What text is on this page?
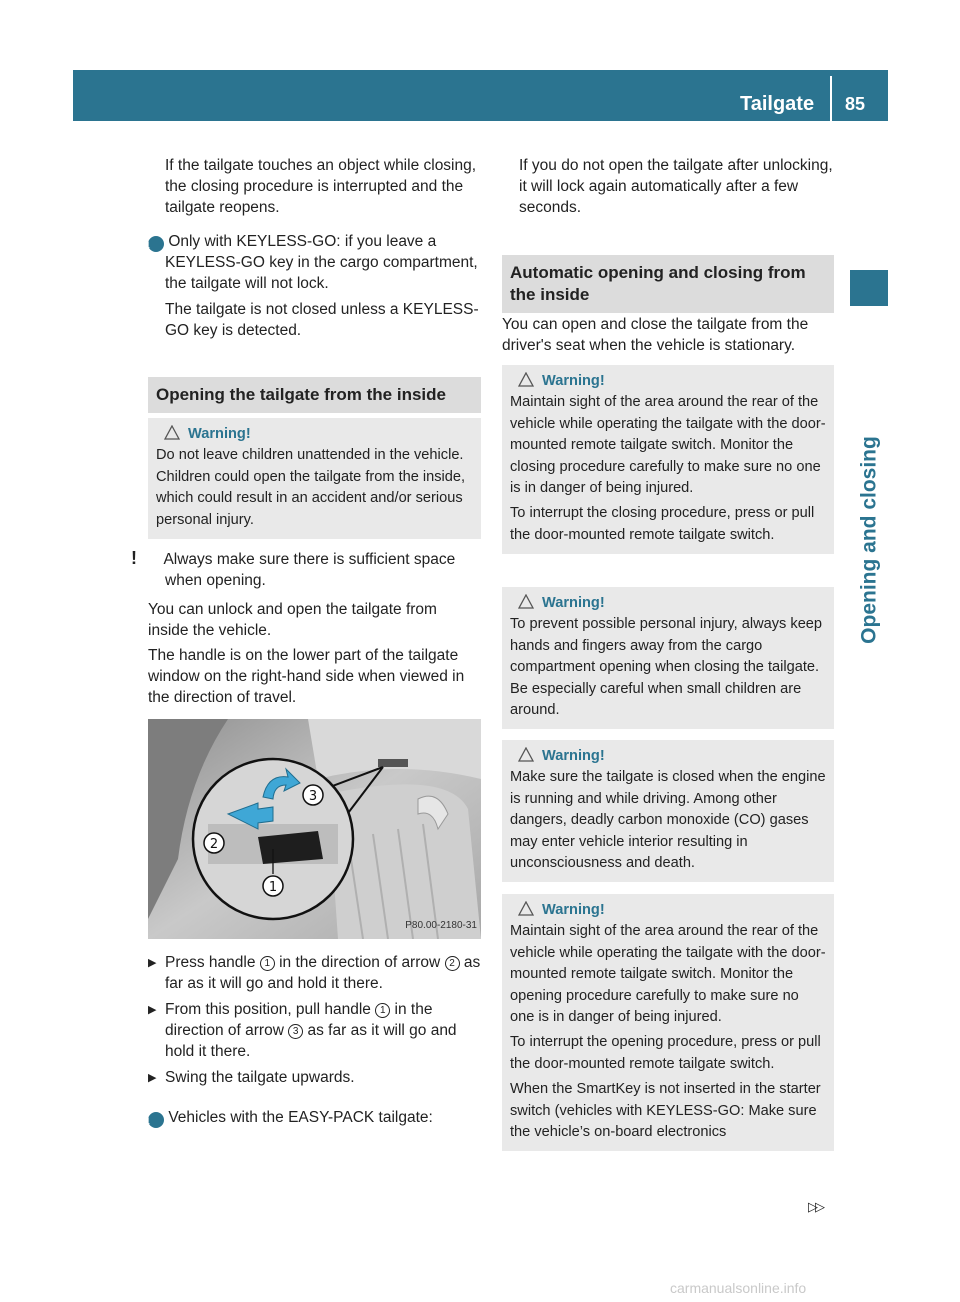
Tailgate 85
Opening and closing

If the tailgate touches an object while closing, the closing procedure is interrupted and the tailgate reopens.

i Only with KEYLESS-GO: if you leave a KEYLESS-GO key in the cargo compartment, the tailgate will not lock.

The tailgate is not closed unless a KEYLESS-GO key is detected.

Opening the tailgate from the inside
Warning!
Do not leave children unattended in the vehicle. Children could open the tailgate from the inside, which could result in an accident and/or serious personal injury.

! Always make sure there is sufficient space when opening.

You can unlock and open the tailgate from inside the vehicle.

The handle is on the lower part of the tailgate window on the right-hand side when viewed in the direction of travel.

▶ Press handle 1 in the direction of arrow 2 as far as it will go and hold it there.
▶ From this position, pull handle 1 in the direction of arrow 3 as far as it will go and hold it there.
▶ Swing the tailgate upwards.

i Vehicles with the EASY-PACK tailgate:

3
2
1
P80.00-2180-31

If you do not open the tailgate after unlocking, it will lock again automatically after a few seconds.

Automatic opening and closing from the inside

You can open and close the tailgate from the driver's seat when the vehicle is stationary.

Warning!
Maintain sight of the area around the rear of the vehicle while operating the tailgate with the door-mounted remote tailgate switch. Monitor the closing procedure carefully to make sure no one is in danger of being injured.
To interrupt the closing procedure, press or pull the door-mounted remote tailgate switch.
Warning!
To prevent possible personal injury, always keep hands and fingers away from the cargo compartment opening when closing the tailgate. Be especially careful when small children are around.
Warning!
Make sure the tailgate is closed when the engine is running and while driving. Among other dangers, deadly carbon monoxide (CO) gases may enter vehicle interior resulting in unconsciousness and death.
Warning!
Maintain sight of the area around the rear of the vehicle while operating the tailgate with the door-mounted remote tailgate switch. Monitor the opening procedure carefully to make sure no one is in danger of being injured.
To interrupt the opening procedure, press or pull the door-mounted remote tailgate switch.
When the SmartKey is not inserted in the starter switch (vehicles with KEYLESS-GO: Make sure the vehicle’s on-board electronics
▷▷
carmanualsonline.info
